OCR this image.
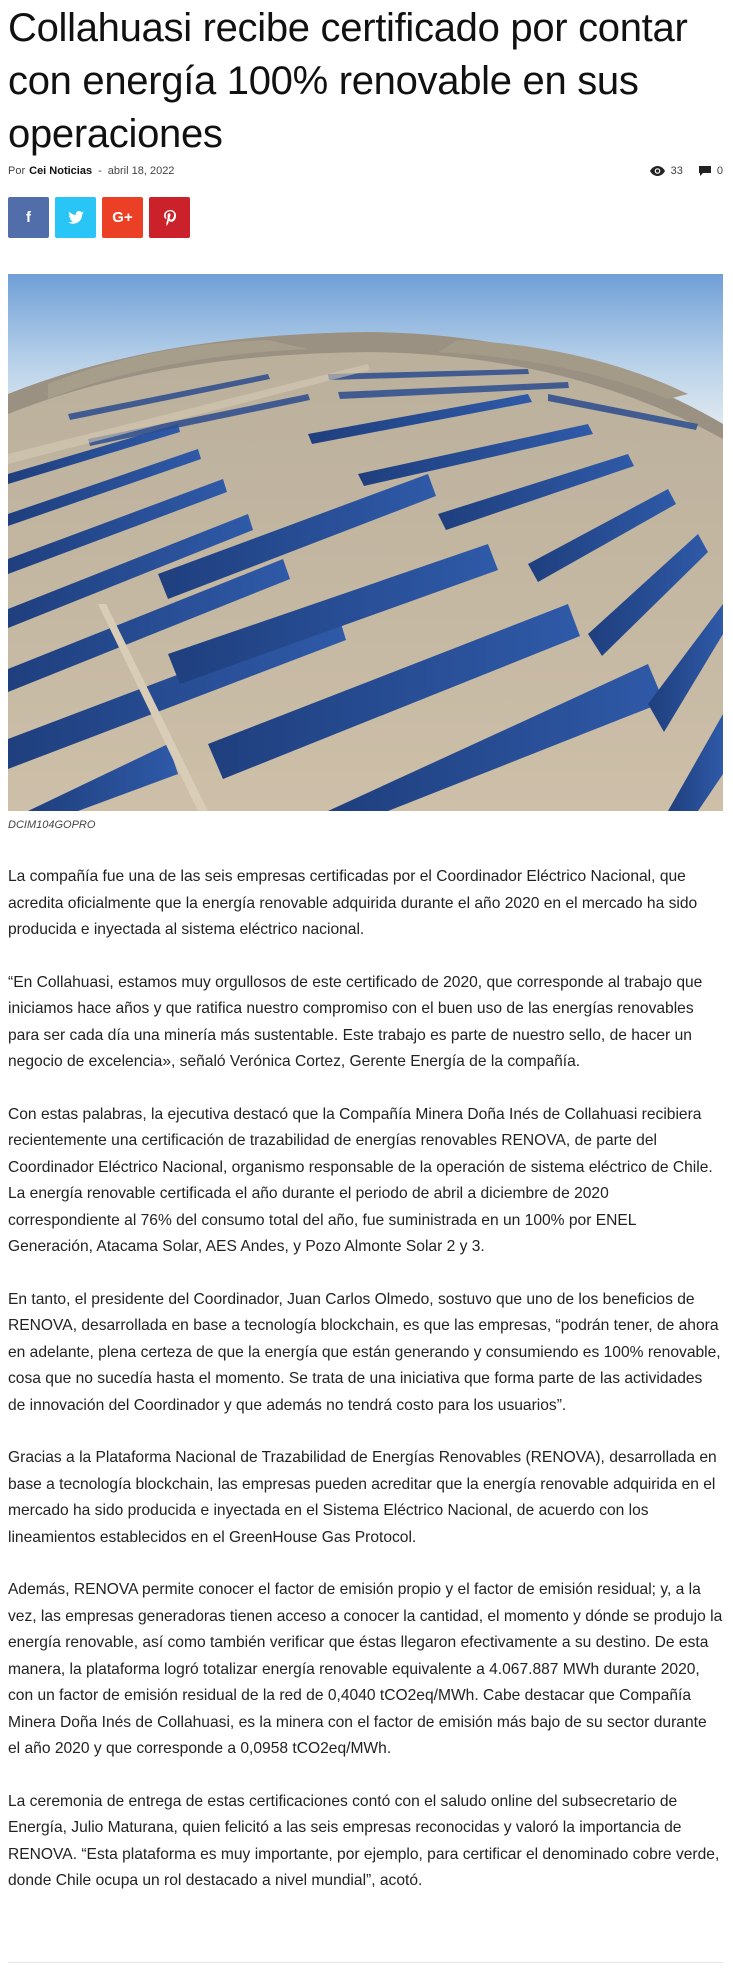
Collahuasi recibe certificado por contar con energía 100% renovable en sus operaciones
Por Cei Noticias - abril 18, 2022	33	0
f	G+
DCIM104GOPRO

La compañía fue una de las seis empresas certificadas por el Coordinador Eléctrico Nacional, que acredita oficialmente que la energía renovable adquirida durante el año 2020 en el mercado ha sido producida e inyectada al sistema eléctrico nacional.

“En Collahuasi, estamos muy orgullosos de este certificado de 2020, que corresponde al trabajo que iniciamos hace años y que ratifica nuestro compromiso con el buen uso de las energías renovables para ser cada día una minería más sustentable. Este trabajo es parte de nuestro sello, de hacer un negocio de excelencia», señaló Verónica Cortez, Gerente Energía de la compañía.

Con estas palabras, la ejecutiva destacó que la Compañía Minera Doña Inés de Collahuasi recibiera recientemente una certificación de trazabilidad de energías renovables RENOVA, de parte del Coordinador Eléctrico Nacional, organismo responsable de la operación de sistema eléctrico de Chile. La energía renovable certificada el año durante el periodo de abril a diciembre de 2020 correspondiente al 76% del consumo total del año, fue suministrada en un 100% por ENEL Generación, Atacama Solar, AES Andes, y Pozo Almonte Solar 2 y 3.

En tanto, el presidente del Coordinador, Juan Carlos Olmedo, sostuvo que uno de los beneficios de RENOVA, desarrollada en base a tecnología blockchain, es que las empresas, “podrán tener, de ahora en adelante, plena certeza de que la energía que están generando y consumiendo es 100% renovable, cosa que no sucedía hasta el momento. Se trata de una iniciativa que forma parte de las actividades de innovación del Coordinador y que además no tendrá costo para los usuarios”.

Gracias a la Plataforma Nacional de Trazabilidad de Energías Renovables (RENOVA), desarrollada en base a tecnología blockchain, las empresas pueden acreditar que la energía renovable adquirida en el mercado ha sido producida e inyectada en el Sistema Eléctrico Nacional, de acuerdo con los lineamientos establecidos en el GreenHouse Gas Protocol.

Además, RENOVA permite conocer el factor de emisión propio y el factor de emisión residual; y, a la vez, las empresas generadoras tienen acceso a conocer la cantidad, el momento y dónde se produjo la energía renovable, así como también verificar que éstas llegaron efectivamente a su destino. De esta manera, la plataforma logró totalizar energía renovable equivalente a 4.067.887 MWh durante 2020, con un factor de emisión residual de la red de 0,4040 tCO2eq/MWh. Cabe destacar que Compañía Minera Doña Inés de Collahuasi, es la minera con el factor de emisión más bajo de su sector durante el año 2020 y que corresponde a 0,0958 tCO2eq/MWh.

La ceremonia de entrega de estas certificaciones contó con el saludo online del subsecretario de Energía, Julio Maturana, quien felicitó a las seis empresas reconocidas y valoró la importancia de RENOVA. “Esta plataforma es muy importante, por ejemplo, para certificar el denominado cobre verde, donde Chile ocupa un rol destacado a nivel mundial”, acotó.
